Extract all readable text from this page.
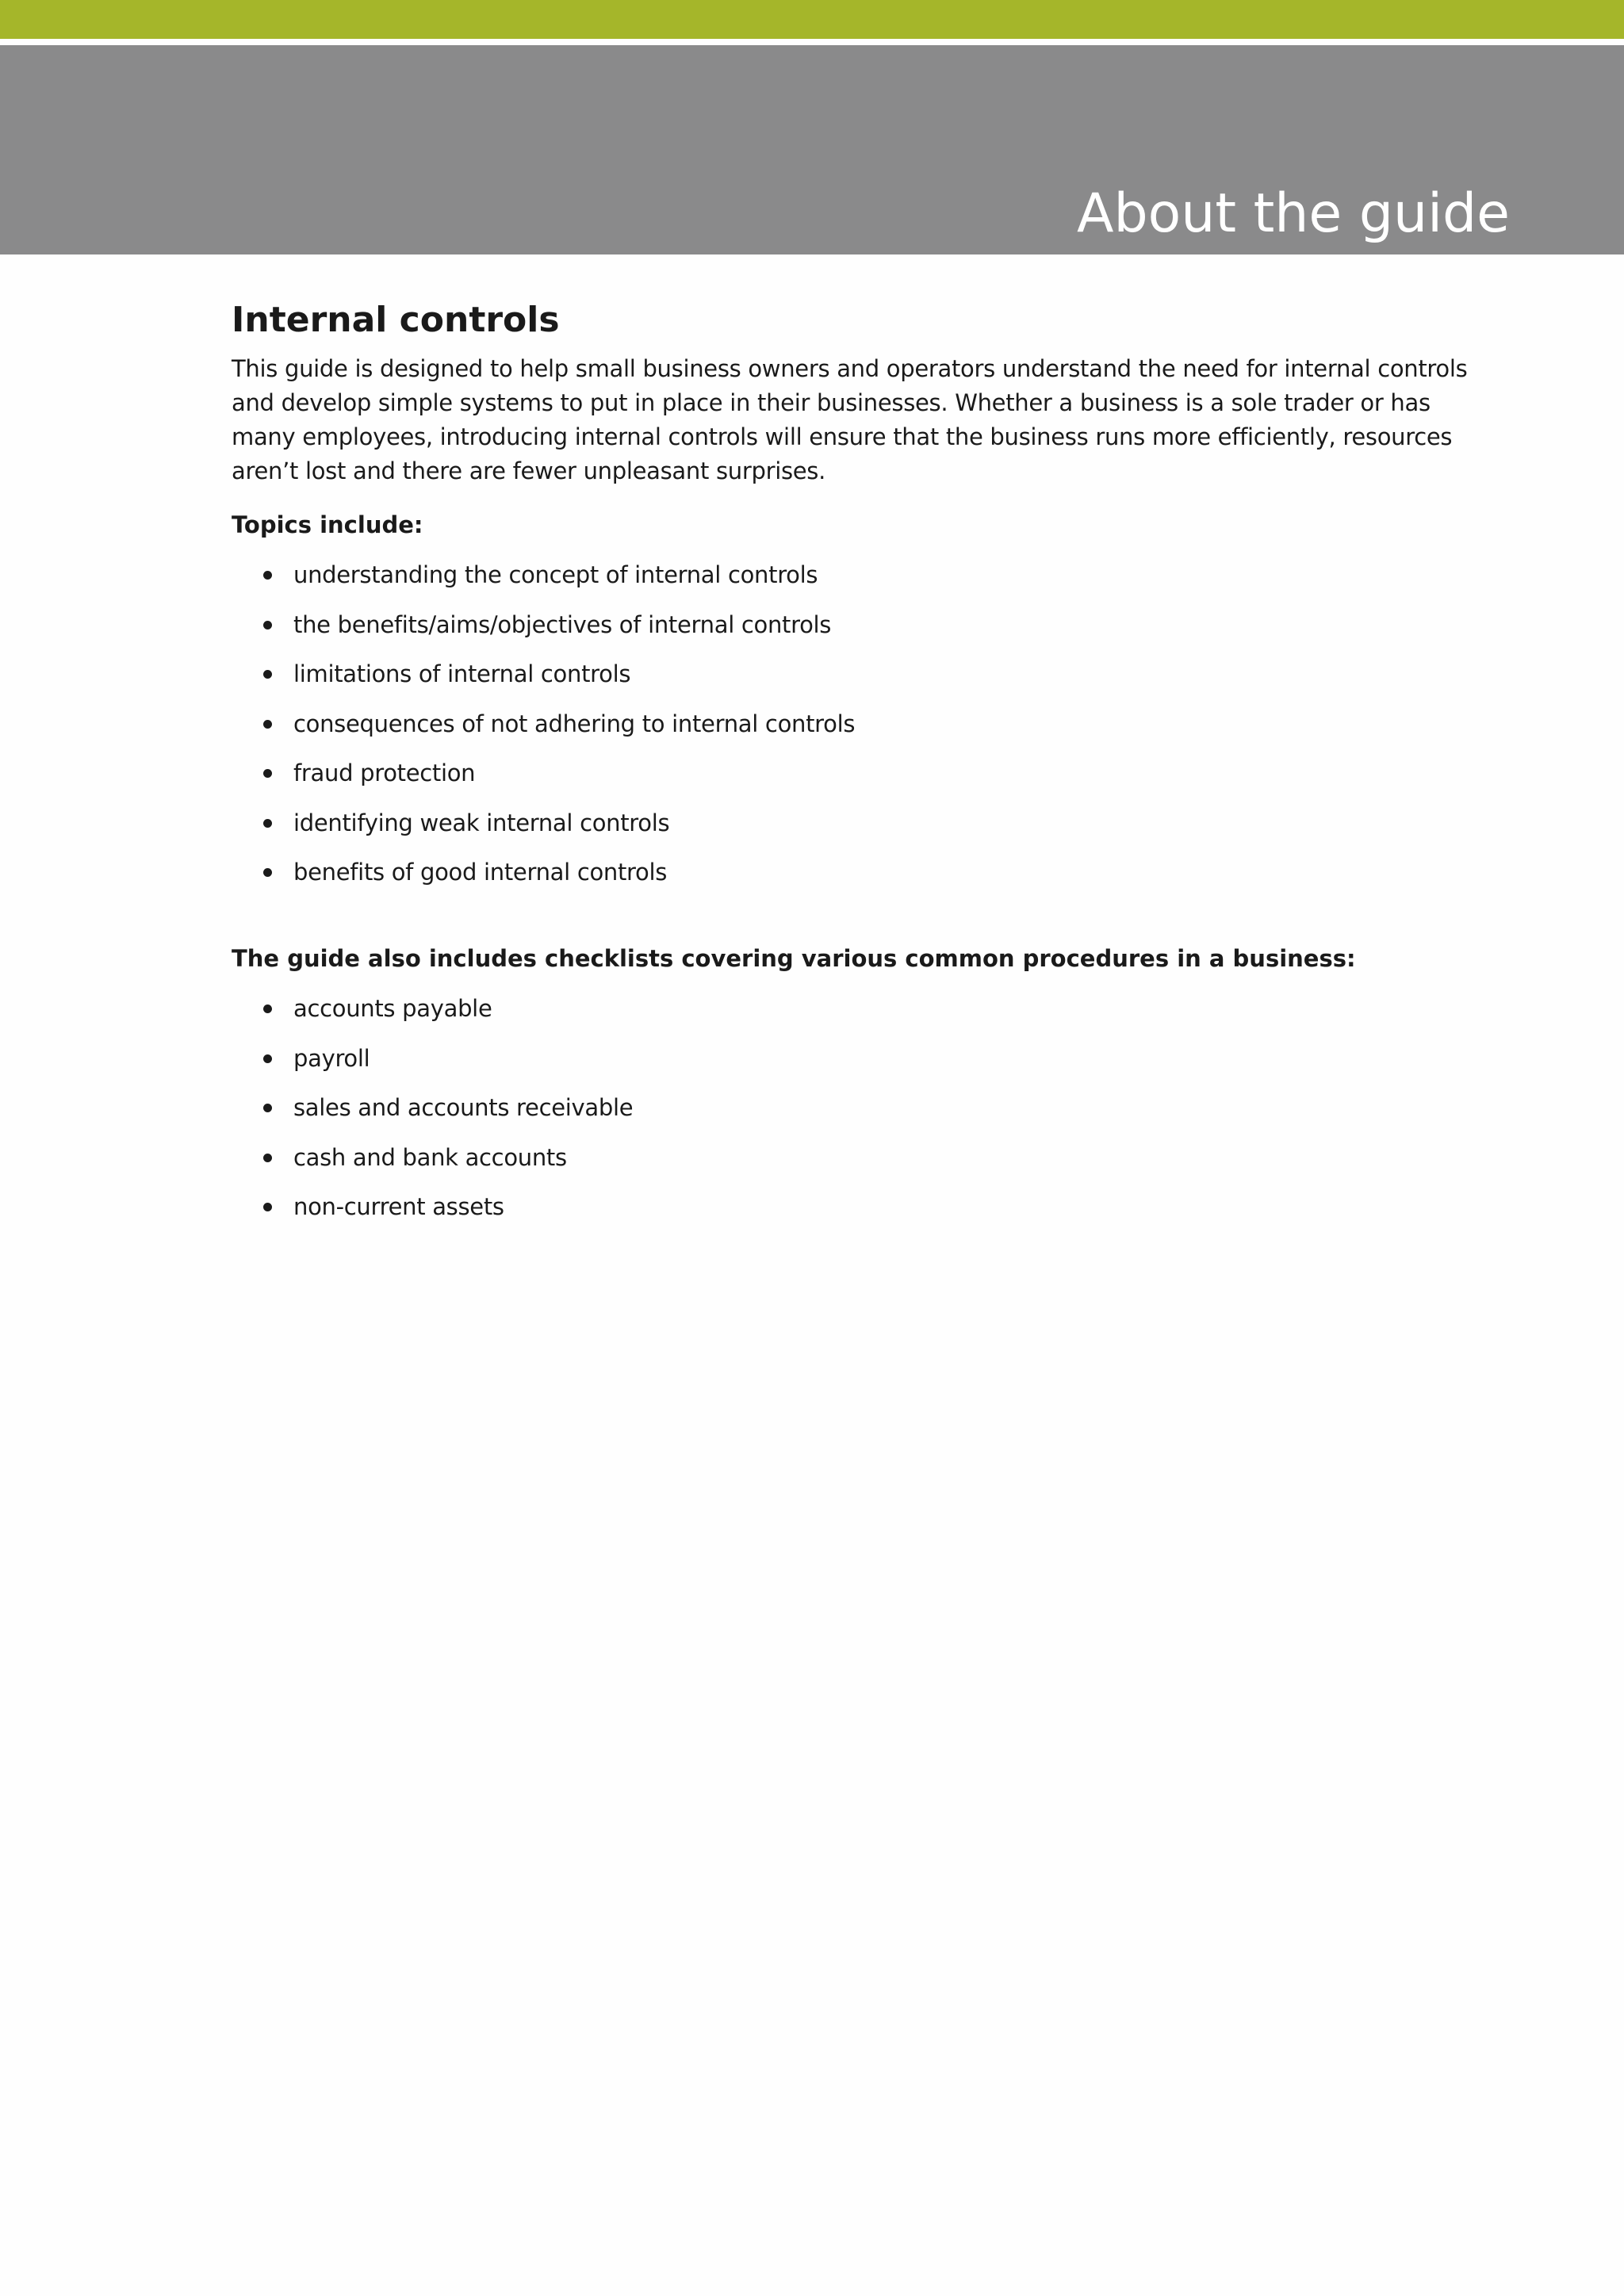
About the guide
Internal controls

This guide is designed to help small business owners and operators understand the need for internal controls and develop simple systems to put in place in their businesses. Whether a business is a sole trader or has many employees, introducing internal controls will ensure that the business runs more efficiently, resources aren’t lost and there are fewer unpleasant surprises.

Topics include:

understanding the concept of internal controls
the benefits/aims/objectives of internal controls
limitations of internal controls
consequences of not adhering to internal controls
fraud protection
identifying weak internal controls
benefits of good internal controls

The guide also includes checklists covering various common procedures in a business:

accounts payable
payroll
sales and accounts receivable
cash and bank accounts
non-current assets
